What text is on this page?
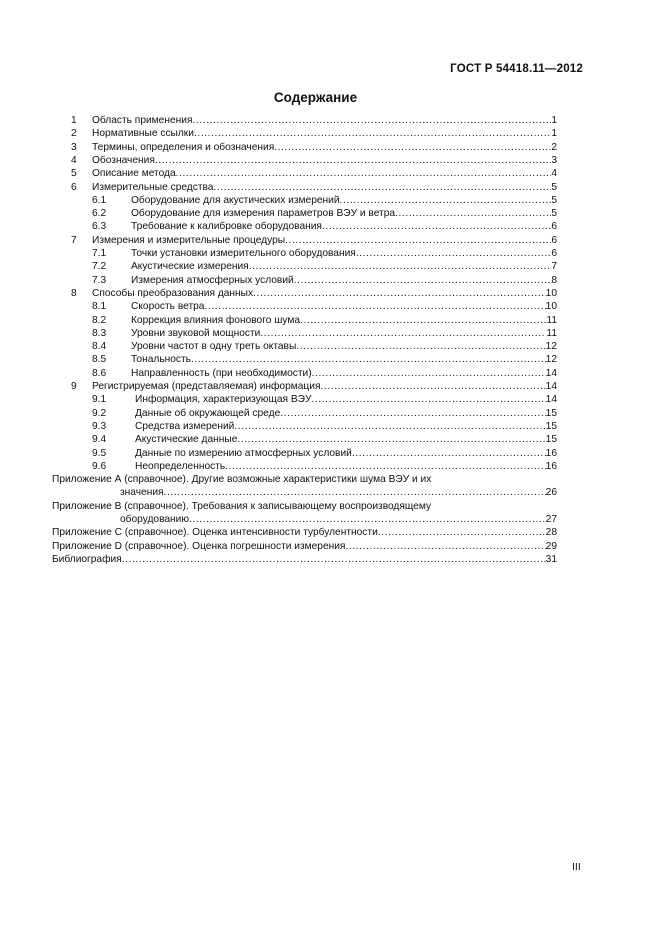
ГОСТ Р 54418.11—2012
Содержание
1 Область применения .....	1
2 Нормативные ссылки .....	1
3 Термины, определения и обозначения .....	2
4 Обозначения .....	3
5 Описание метода .....	4
6 Измерительные средства .....	5
6.1 Оборудование для акустических измерений .....	5
6.2 Оборудование для измерения параметров ВЭУ и ветра .....	5
6.3 Требование к калибровке оборудования .....	6
7 Измерения и измерительные процедуры .....	6
7.1 Точки установки измерительного оборудования .....	6
7.2 Акустические измерения .....	7
7.3 Измерения атмосферных условий .....	8
8 Способы преобразования данных .....	10
8.1 Скорость ветра .....	10
8.2 Коррекция влияния фонового шума .....	11
8.3 Уровни звуковой мощности .....	11
8.4 Уровни частот в одну треть октавы .....	12
8.5 Тональность .....	12
8.6 Направленность (при необходимости) .....	14
9 Регистрируемая (представляемая) информация .....	14
9.1	Информация, характеризующая ВЭУ .....	14
9.2	Данные об окружающей среде .....	15
9.3	Средства измерений .....	15
9.4	Акустические данные .....	15
9.5	Данные по измерению атмосферных условий .....	16
9.6	Неопределенность .....	16
Приложение А (справочное). Другие возможные характеристики шума ВЭУ и их
значения .....	26
Приложение В (справочное). Требования к записывающему воспроизводящему
оборудованию .....	27
Приложение С (справочное). Оценка интенсивности турбулентности .....	28
Приложение D (справочное). Оценка погрешности измерения .....	29
Библиография .....	31
III
